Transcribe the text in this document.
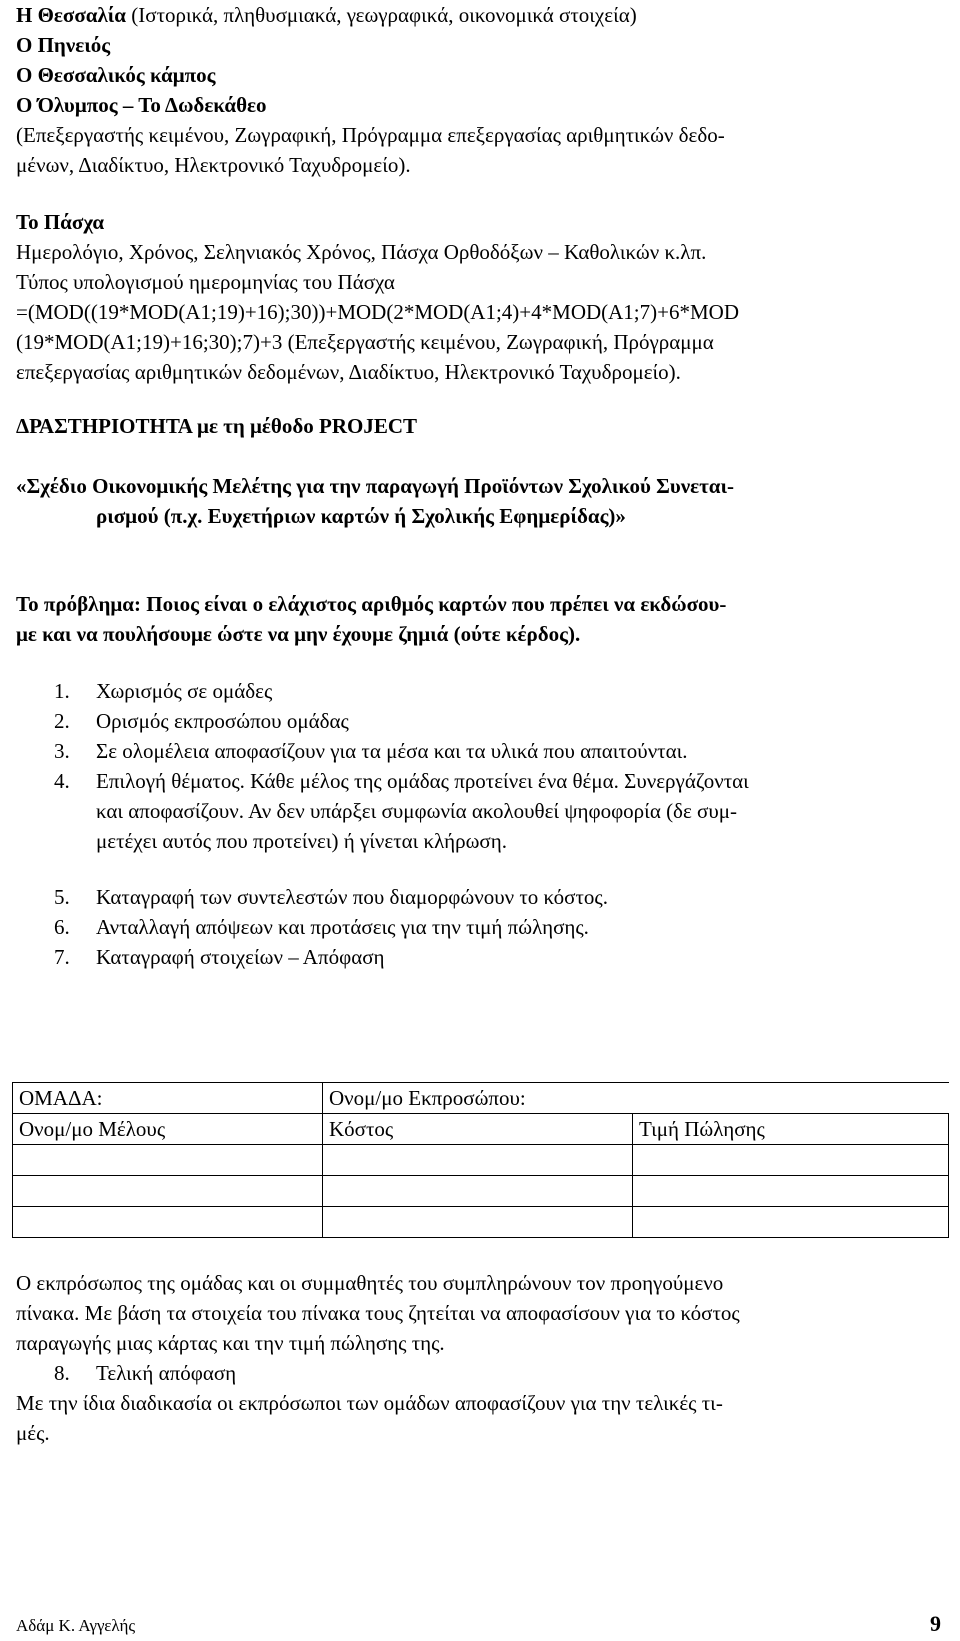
Η Θεσσαλία (Ιστορικά, πληθυσμιακά, γεωγραφικά, οικονομικά στοιχεία)
Ο Πηνειός
Ο Θεσσαλικός κάμπος
Ο Όλυμπος – Το Δωδεκάθεο
(Επεξεργαστής κειμένου, Ζωγραφική, Πρόγραμμα επεξεργασίας αριθμητικών δεδο-
μένων, Διαδίκτυο, Ηλεκτρονικό Ταχυδρομείο).
Το Πάσχα
Ημερολόγιο, Χρόνος, Σεληνιακός Χρόνος, Πάσχα Ορθοδόξων – Καθολικών κ.λπ.
Τύπος υπολογισμού ημερομηνίας του Πάσχα
=(MOD((19*MOD(A1;19)+16);30))+MOD(2*MOD(A1;4)+4*MOD(A1;7)+6*MOD
(19*MOD(A1;19)+16;30);7)+3 (Επεξεργαστής κειμένου, Ζωγραφική, Πρόγραμμα
επεξεργασίας αριθμητικών δεδομένων, Διαδίκτυο, Ηλεκτρονικό Ταχυδρομείο).
ΔΡΑΣΤΗΡΙΟΤΗΤΑ με τη μέθοδο PROJECT
«Σχέδιο Οικονομικής Μελέτης για την παραγωγή Προϊόντων Σχολικού Συνεται-
ρισμού (π.χ. Ευχετήριων καρτών ή Σχολικής Εφημερίδας)»
Το πρόβλημα: Ποιος είναι ο ελάχιστος αριθμός καρτών που πρέπει να εκδώσου-
με και να πουλήσουμε ώστε να μην έχουμε ζημιά (ούτε κέρδος).
1. Χωρισμός σε ομάδες
2. Ορισμός εκπροσώπου ομάδας
3. Σε ολομέλεια αποφασίζουν για τα μέσα και τα υλικά που απαιτούνται.
4. Επιλογή θέματος. Κάθε μέλος της ομάδας προτείνει ένα θέμα. Συνεργάζονται
και αποφασίζουν. Αν δεν υπάρξει συμφωνία ακολουθεί ψηφοφορία (δε συμ-
μετέχει αυτός που προτείνει) ή γίνεται κλήρωση.
5. Καταγραφή των συντελεστών που διαμορφώνουν το κόστος.
6. Ανταλλαγή απόψεων και προτάσεις για την τιμή πώλησης.
7. Καταγραφή στοιχείων – Απόφαση
ΟΜΑΔΑ:	Ονομ/μο Εκπροσώπου:	
Ονομ/μο Μέλους	Κόστος	Τιμή Πώλησης

Ο εκπρόσωπος της ομάδας και οι συμμαθητές του συμπληρώνουν τον προηγούμενο
πίνακα. Με βάση τα στοιχεία του πίνακα τους ζητείται να αποφασίσουν για το κόστος
παραγωγής μιας κάρτας και την τιμή πώλησης της.
8. Τελική απόφαση
Με την ίδια διαδικασία οι εκπρόσωποι των ομάδων αποφασίζουν για την τελικές τι-
μές.
Αδάμ Κ. Αγγελής	9
